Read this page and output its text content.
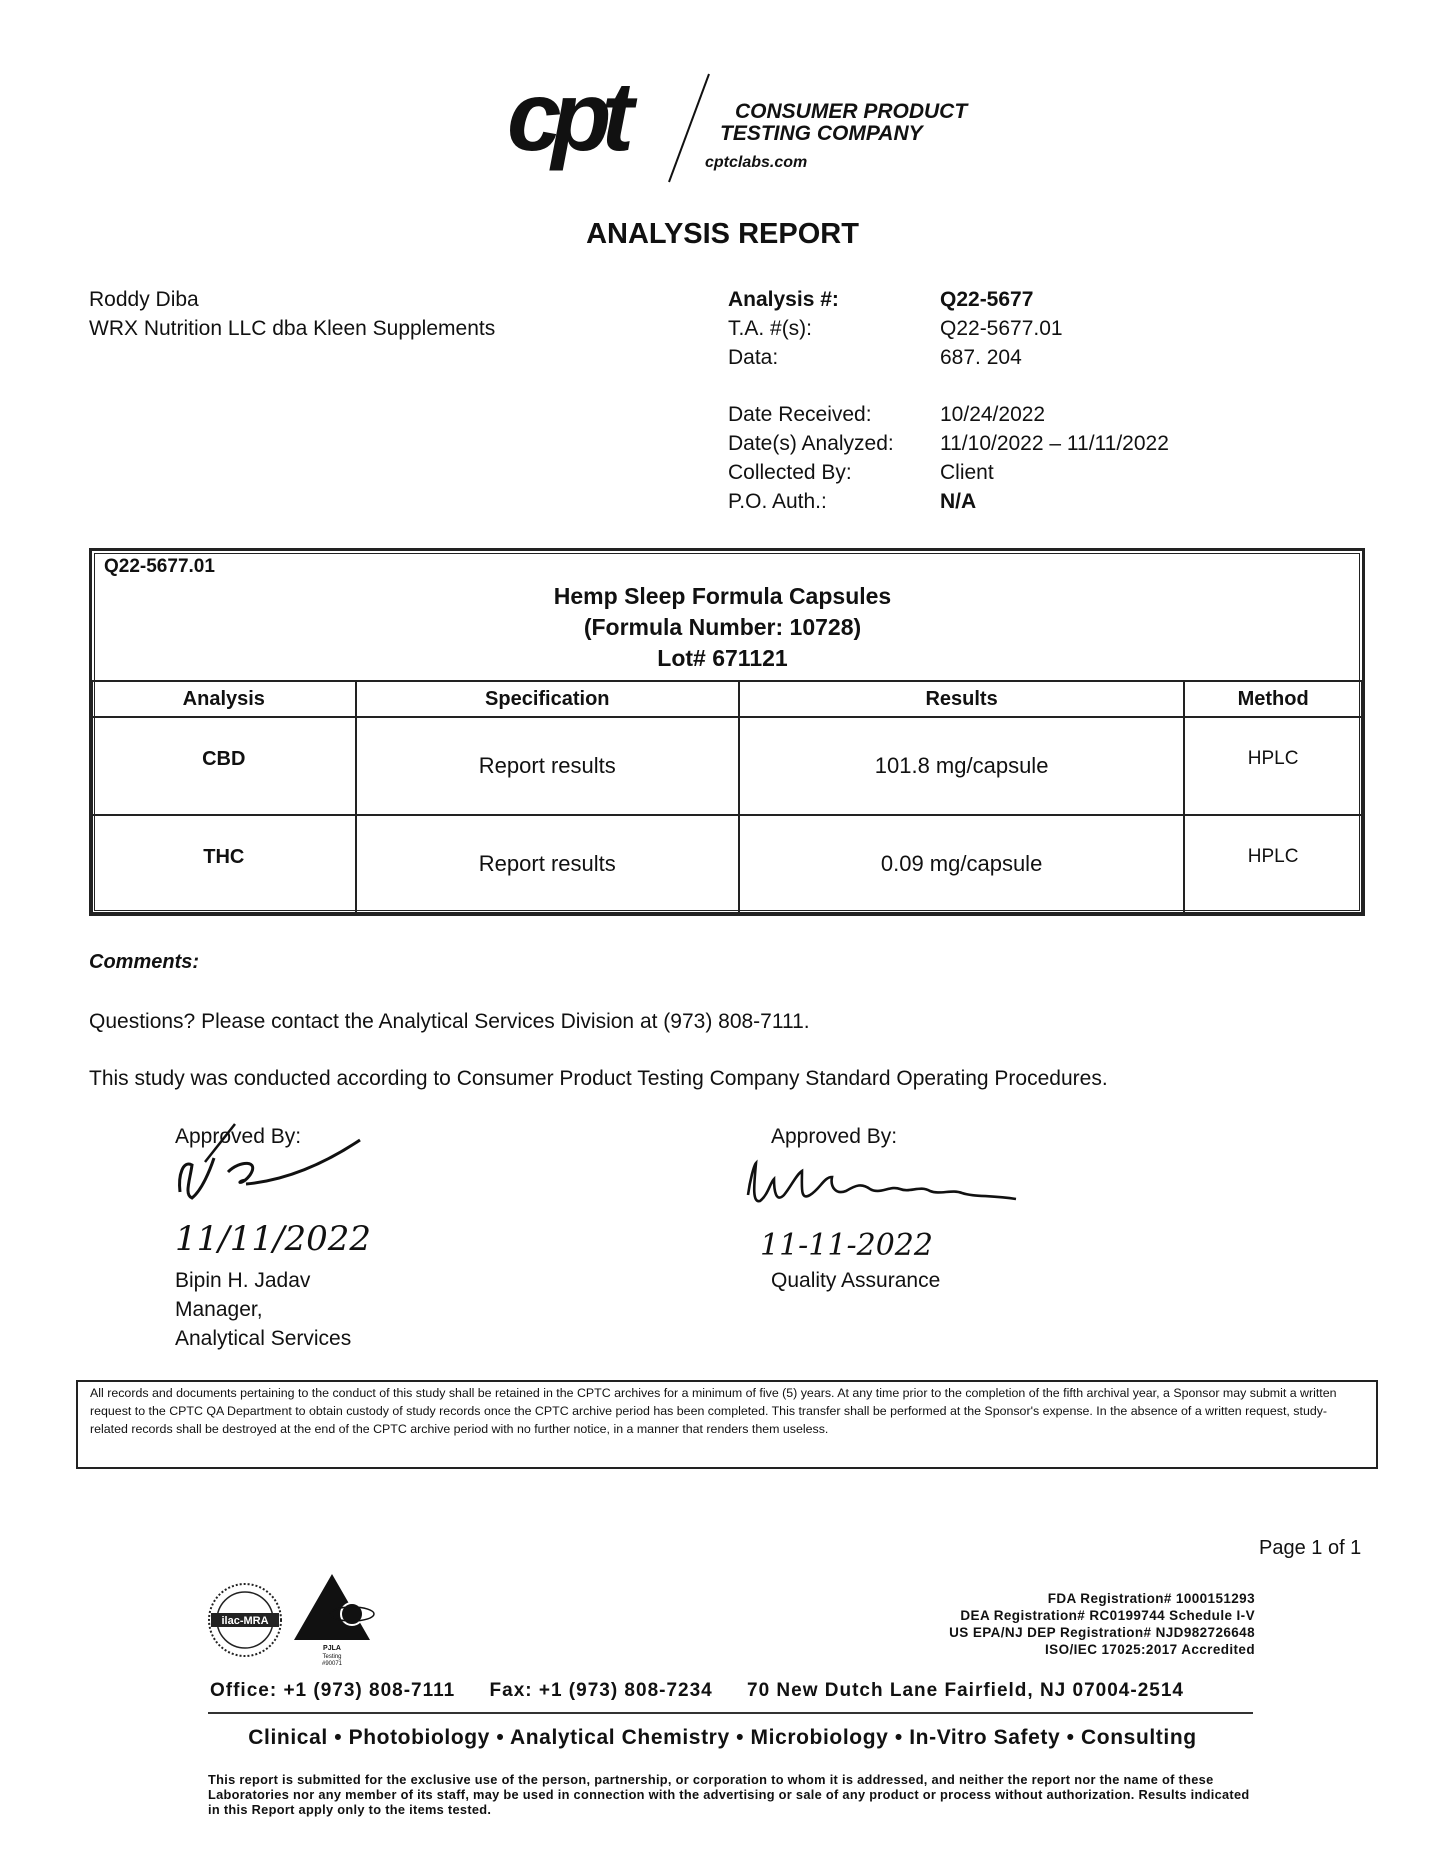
cpt	CONSUMER PRODUCT
TESTING COMPANY
cptclabs.com
ANALYSIS REPORT
Roddy Diba
WRX Nutrition LLC dba Kleen Supplements
Analysis #:	Q22-5677
T.A. #(s):	Q22-5677.01
Data:	687. 204
Date Received:	10/24/2022
Date(s) Analyzed: 11/10/2022 – 11/11/2022
Collected By:	Client
P.O. Auth.:	N/A
Q22-5677.01
Hemp Sleep Formula Capsules
(Formula Number: 10728)
Lot# 671121
Analysis	Specification	Results	Method
CBD	Report results	101.8 mg/capsule	HPLC
THC	Report results	0.09 mg/capsule	HPLC
Comments:
Questions? Please contact the Analytical Services Division at (973) 808-7111.
This study was conducted according to Consumer Product Testing Company Standard Operating Procedures.
Approved By:
11/11/2022
Bipin H. Jadav
Manager,
Analytical Services
Approved By:
11-11-2022
Quality Assurance
All records and documents pertaining to the conduct of this study shall be retained in the CPTC archives for a minimum of five (5) years. At any time prior to the completion of the fifth archival year, a Sponsor may submit a written request to the CPTC QA Department to obtain custody of study records once the CPTC archive period has been completed. This transfer shall be performed at the Sponsor's expense. In the absence of a written request, study-related records shall be destroyed at the end of the CPTC archive period with no further notice, in a manner that renders them useless.
Page 1 of 1
ilac-MRA
PJLA
Testing
#90071
FDA Registration# 1000151293
DEA Registration# RC0199744 Schedule I-V
US EPA/NJ DEP Registration# NJD982726648
ISO/IEC 17025:2017 Accredited
Office: +1 (973) 808-7111 Fax: +1 (973) 808-7234 70 New Dutch Lane Fairfield, NJ 07004-2514
Clinical • Photobiology • Analytical Chemistry • Microbiology • In-Vitro Safety • Consulting
This report is submitted for the exclusive use of the person, partnership, or corporation to whom it is addressed, and neither the report nor the name of these Laboratories nor any member of its staff, may be used in connection with the advertising or sale of any product or process without authorization. Results indicated in this Report apply only to the items tested.
